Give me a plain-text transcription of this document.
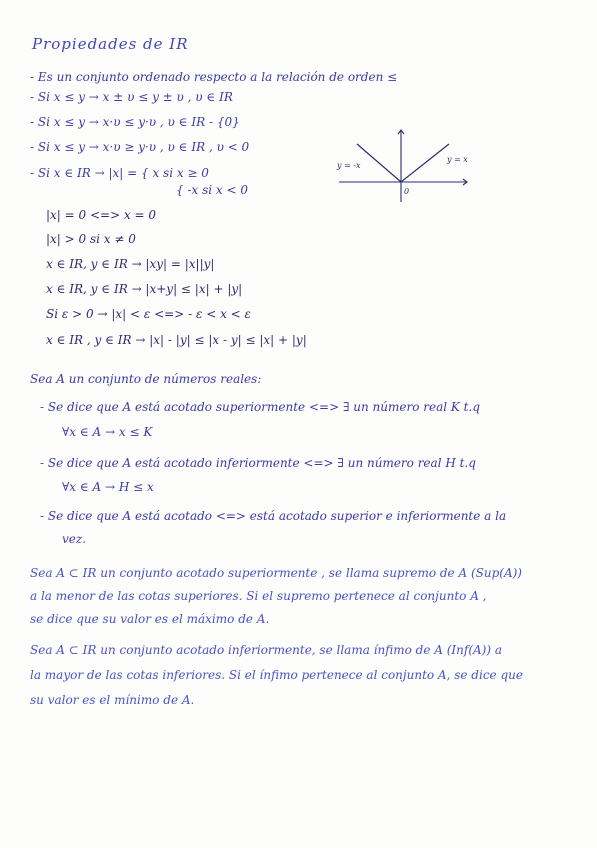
Propiedades de IR
- Es un conjunto ordenado respecto a la relación de orden ≤
- Si x ≤ y → x ± υ ≤ y ± υ , υ ∈ IR
- Si x ≤ y → x·υ ≤ y·υ , υ ∈ IR - {0}
- Si x ≤ y → x·υ ≥ y·υ , υ ∈ IR , υ < 0
- Si x ∈ IR → |x| = { x si x ≥ 0
{ -x si x < 0
y = -x
y = x
0
|x| = 0 <=> x = 0
|x| > 0 si x ≠ 0
x ∈ IR, y ∈ IR → |xy| = |x||y|
x ∈ IR, y ∈ IR → |x+y| ≤ |x| + |y|
Si ε > 0 → |x| < ε <=> - ε < x < ε
x ∈ IR , y ∈ IR → |x| - |y| ≤ |x - y| ≤ |x| + |y|
Sea A un conjunto de números reales:
- Se dice que A está acotado superiormente <=> ∃ un número real K t.q
∀x ∈ A → x ≤ K
- Se dice que A está acotado inferiormente <=> ∃ un número real H t.q
∀x ∈ A → H ≤ x
- Se dice que A está acotado <=> está acotado superior e inferiormente a la
vez.
Sea A ⊂ IR un conjunto acotado superiormente , se llama supremo de A (Sup(A))
a la menor de las cotas superiores. Si el supremo pertenece al conjunto A ,
se dice que su valor es el máximo de A.
Sea A ⊂ IR un conjunto acotado inferiormente, se llama ínfimo de A (Inf(A)) a
la mayor de las cotas inferiores. Si el ínfimo pertenece al conjunto A, se dice que
su valor es el mínimo de A.
